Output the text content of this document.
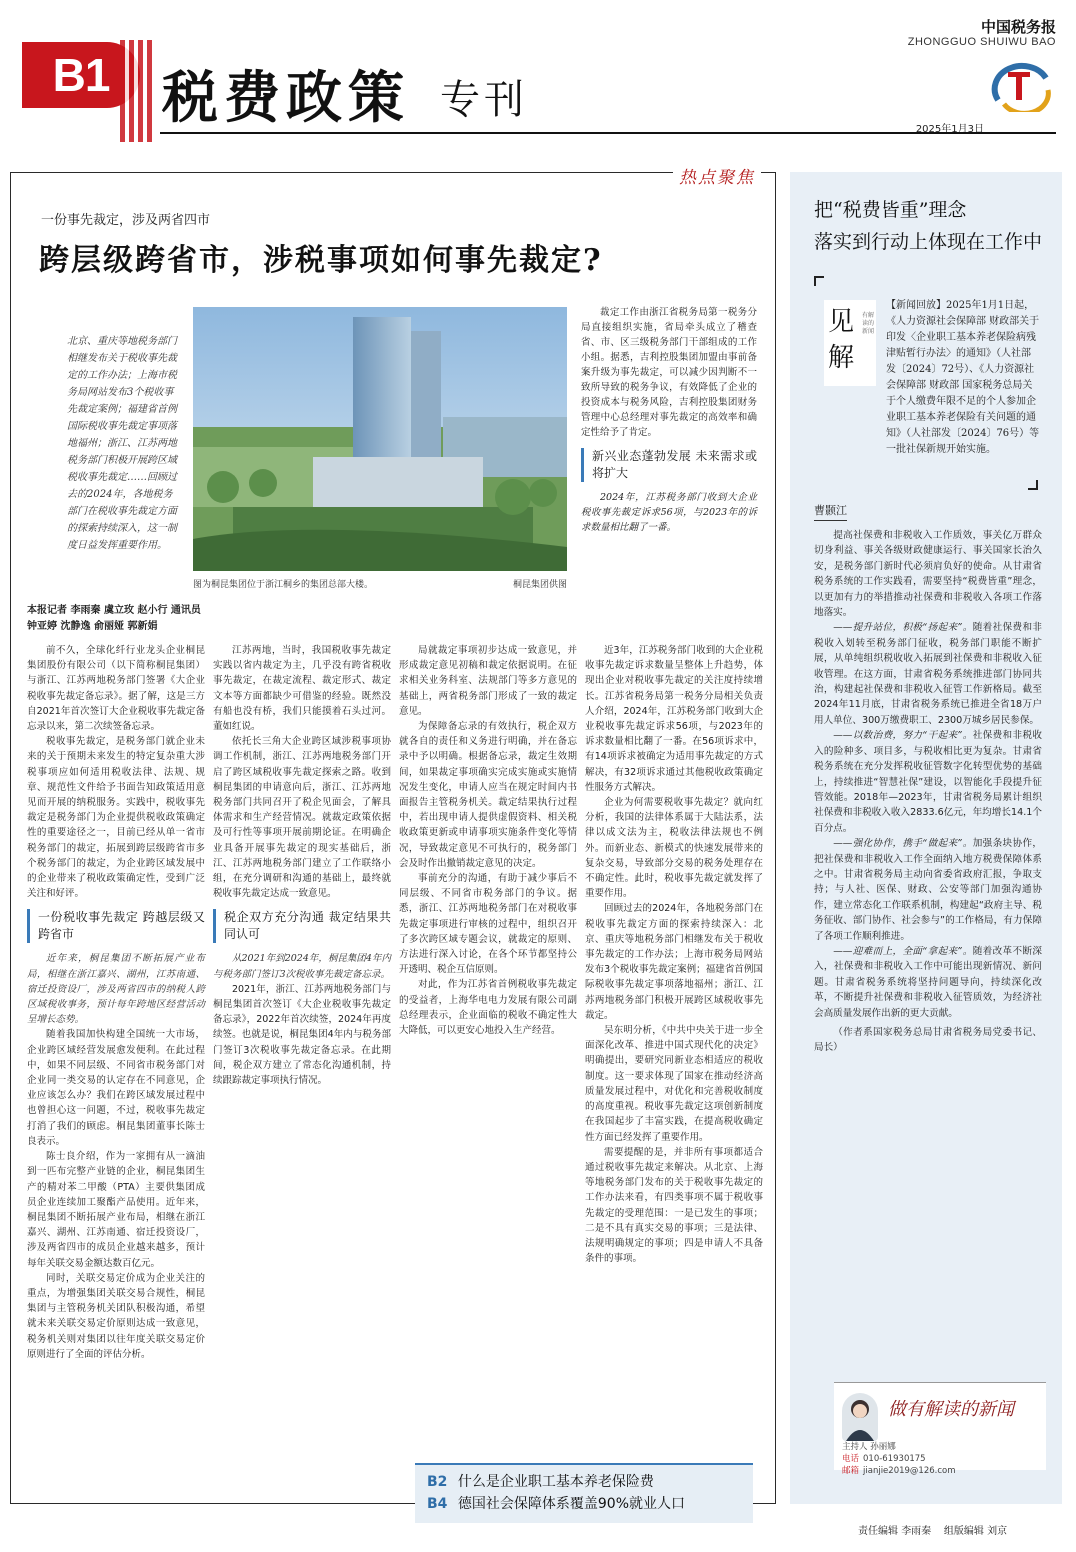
B1 税费政策 专刊
中国税务报
ZHONGGUO SHUIWU BAO
2025年1月3日
热点聚焦
一份事先裁定，涉及两省四市
跨层级跨省市，涉税事项如何事先裁定?
北京、重庆等地税务部门相继发布关于税收事先裁定的工作办法；上海市税务局网站发布3个税收事先裁定案例；福建省首例国际税收事先裁定事项落地福州；浙江、江苏两地税务部门积极开展跨区域税收事先裁定……回顾过去的2024年，各地税务部门在税收事先裁定方面的探索持续深入，这一制度日益发挥重要作用。
图为桐昆集团位于浙江桐乡的集团总部大楼。	桐昆集团供图

裁定工作由浙江省税务局第一税务分局直接组织实施，省局牵头成立了稽查省、市、区三级税务部门干部组成的工作小组。据悉，吉利控股集团加盟由事前备案升级为事先裁定，可以减少因判断不一致所导致的税务争议，有效降低了企业的投资成本与税务风险，吉利控股集团财务管理中心总经理对事先裁定的高效率和确定性给予了肯定。

新兴业态蓬勃发展 未来需求或将扩大

2024年，江苏税务部门收到大企业税收事先裁定诉求56项，与2023年的诉求数量相比翻了一番。

本报记者 李雨秦 虞立玫 赵小行 通讯员 钟亚婷 沈静逸 俞丽娅 郭新娟

前不久，全球化纤行业龙头企业桐昆集团股份有限公司（以下简称桐昆集团）与浙江、江苏两地税务部门签署《大企业税收事先裁定备忘录》。据了解，这是三方自2021年首次签订大企业税收事先裁定备忘录以来，第二次续签备忘录。

税收事先裁定，是税务部门就企业未来的关于预期未来发生的特定复杂重大涉税事项应如何适用税收法律、法规、规章、规范性文件给予书面告知政策适用意见而开展的纳税服务。实践中，税收事先裁定是税务部门为企业提供税收政策确定性的重要途径之一，目前已经从单一省市税务部门的裁定，拓展到跨层级跨省市多个税务部门的裁定，为企业跨区域发展中的企业带来了税收政策确定性，受到广泛关注和好评。

一份税收事先裁定 跨越层级又跨省市

近年来，桐昆集团不断拓展产业布局，相继在浙江嘉兴、湖州，江苏南通、宿迁投资设厂，涉及两省四市的纳税人跨区域税收事务，预计每年跨地区经营活动呈增长态势。

随着我国加快构建全国统一大市场，企业跨区域经营发展愈发便利。在此过程中，如果不同层级、不同省市税务部门对企业同一类交易的认定存在不同意见，企业应该怎么办？我们在跨区域发展过程中也曾担心这一问题，不过，税收事先裁定打消了我们的顾虑。桐昆集团董事长陈士良表示。

陈士良介绍，作为一家拥有从一滴油到一匹布完整产业链的企业，桐昆集团生产的精对苯二甲酸（PTA）主要供集团成员企业连续加工聚酯产品使用。近年来，桐昆集团不断拓展产业布局，相继在浙江嘉兴、湖州、江苏南通、宿迁投资设厂，涉及两省四市的成员企业越来越多，预计每年关联交易金额达数百亿元。

同时，关联交易定价成为企业关注的重点，为增强集团关联交易合规性，桐昆集团与主管税务机关团队积极沟通，希望就未来关联交易定价原则达成一致意见，税务机关则对集团以往年度关联交易定价原则进行了全面的评估分析。

江苏两地，当时，我国税收事先裁定实践以省内裁定为主，几乎没有跨省税收事先裁定，在裁定流程、裁定形式、裁定文本等方面都缺少可借鉴的经验。既然没有船也没有桥，我们只能摸着石头过河。董如红说。

依托长三角大企业跨区域涉税事项协调工作机制，浙江、江苏两地税务部门开启了跨区域税收事先裁定探索之路。收到桐昆集团的申请意向后，浙江、江苏两地税务部门共同召开了税企见面会，了解具体需求和生产经营情况。就裁定政策依据及可行性等事项开展前期论证。在明确企业具备开展事先裁定的现实基础后，浙江、江苏两地税务部门建立了工作联络小组，在充分调研和沟通的基础上，最终就税收事先裁定达成一致意见。

税企双方充分沟通 裁定结果共同认可

从2021年到2024年，桐昆集团4年内与税务部门签订3次税收事先裁定备忘录。

2021年，浙江、江苏两地税务部门与桐昆集团首次签订《大企业税收事先裁定备忘录》，2022年首次续签，2024年再度续签。也就是说，桐昆集团4年内与税务部门签订3次税收事先裁定备忘录。在此期间，税企双方建立了常态化沟通机制，持续跟踪裁定事项执行情况。

局就裁定事项初步达成一致意见，并形成裁定意见初稿和裁定依据说明。在征求相关业务科室、法规部门等多方意见的基础上，两省税务部门形成了一致的裁定意见。

为保障备忘录的有效执行，税企双方就各自的责任和义务进行明确，并在备忘录中予以明确。根据备忘录，裁定生效期间，如果裁定事项确实完成实施或实施情况发生变化，申请人应当在规定时间内书面报告主管税务机关。裁定结果执行过程中，若出现申请人提供虚假资料、相关税收政策更新或申请事项实施条件变化等情况，导致裁定意见不可执行的，税务部门会及时作出撤销裁定意见的决定。

事前充分的沟通，有助于减少事后不同层级、不同省市税务部门的争议。据悉，浙江、江苏两地税务部门在对税收事先裁定事项进行审核的过程中，组织召开了多次跨区域专题会议，就裁定的原则、方法进行深入讨论，在各个环节都坚持公开透明、税企互信原则。

对此，作为江苏省首例税收事先裁定的受益者，上海华电电力发展有限公司副总经理表示，企业面临的税收不确定性大大降低，可以更安心地投入生产经营。

近3年，江苏税务部门收到的大企业税收事先裁定诉求数量呈整体上升趋势，体现出企业对税收事先裁定的关注度持续增长。江苏省税务局第一税务分局相关负责人介绍，2024年，江苏税务部门收到大企业税收事先裁定诉求56项，与2023年的诉求数量相比翻了一番。在56项诉求中，有14项诉求被确定为适用事先裁定的方式解决，有32项诉求通过其他税收政策确定性服务方式解决。

企业为何需要税收事先裁定？就向红分析，我国的法律体系属于大陆法系，法律以成文法为主，税收法律法规也不例外。而新业态、新模式的快速发展带来的复杂交易，导致部分交易的税务处理存在不确定性。此时，税收事先裁定就发挥了重要作用。

回顾过去的2024年，各地税务部门在税收事先裁定方面的探索持续深入：北京、重庆等地税务部门相继发布关于税收事先裁定的工作办法；上海市税务局网站发布3个税收事先裁定案例；福建省首例国际税收事先裁定事项落地福州；浙江、江苏两地税务部门积极开展跨区域税收事先裁定。

吴东明分析，《中共中央关于进一步全面深化改革、推进中国式现代化的决定》明确提出，要研究同新业态相适应的税收制度。这一要求体现了国家在推动经济高质量发展过程中，对优化和完善税收制度的高度重视。税收事先裁定这项创新制度在我国起步了丰富实践，在提高税收确定性方面已经发挥了重要作用。

需要提醒的是，并非所有事项都适合通过税收事先裁定来解决。从北京、上海等地税务部门发布的关于税收事先裁定的工作办法来看，有四类事项不属于税收事先裁定的受理范围：一是已发生的事项；二是不具有真实交易的事项；三是法律、法规明确规定的事项；四是申请人不具备条件的事项。

B2 什么是企业职工基本养老保险费
B4 德国社会保障体系覆盖90%就业人口
把“税费皆重”理念
落实到行动上体现在工作中
见解
有解读的新闻
【新闻回放】2025年1月1日起，《人力资源社会保障部 财政部关于印发〈企业职工基本养老保险病残津贴暂行办法〉的通知》（人社部发〔2024〕72号）、《人力资源社会保障部 财政部 国家税务总局关于个人缴费年限不足的个人参加企业职工基本养老保险有关问题的通知》（人社部发〔2024〕76号）等一批社保新规开始实施。
曹颢江

提高社保费和非税收入工作质效，事关亿万群众切身利益、事关各级财政健康运行、事关国家长治久安，是税务部门新时代必须肩负好的使命。从甘肃省税务系统的工作实践看，需要坚持“税费皆重”理念，以更加有力的举措推动社保费和非税收入各项工作落地落实。

——提升站位，积极“扬起来”。随着社保费和非税收入划转至税务部门征收，税务部门职能不断扩展，从单纯组织税收收入拓展到社保费和非税收入征收管理。在这方面，甘肃省税务系统推进部门协同共治，构建起社保费和非税收入征管工作新格局。截至2024年11月底，甘肃省税务系统已推进全省18万户用人单位、300万缴费职工、2300万城乡居民参保。

——以数治费，努力“干起来”。社保费和非税收入的险种多、项目多，与税收相比更为复杂。甘肃省税务系统在充分发挥税收征管数字化转型优势的基础上，持续推进“智慧社保”建设，以智能化手段提升征管效能。2018年—2023年，甘肃省税务局累计组织社保费和非税收入收入2833.6亿元，年均增长14.1个百分点。

——强化协作，携手“做起来”。加强条块协作，把社保费和非税收入工作全面纳入地方税费保障体系之中。甘肃省税务局主动向省委省政府汇报，争取支持；与人社、医保、财政、公安等部门加强沟通协作，建立常态化工作联系机制，构建起“政府主导、税务征收、部门协作、社会参与”的工作格局，有力保障了各项工作顺利推进。

——迎难而上，全面“拿起来”。随着改革不断深入，社保费和非税收入工作中可能出现新情况、新问题。甘肃省税务系统将坚持问题导向，持续深化改革，不断提升社保费和非税收入征管质效，为经济社会高质量发展作出新的更大贡献。

（作者系国家税务总局甘肃省税务局党委书记、局长）

做有解读的新闻
主持人 孙丽娜
电话 010-61930175
邮箱 jianjie2019@126.com
责任编辑 李雨秦 组版编辑 刘京
